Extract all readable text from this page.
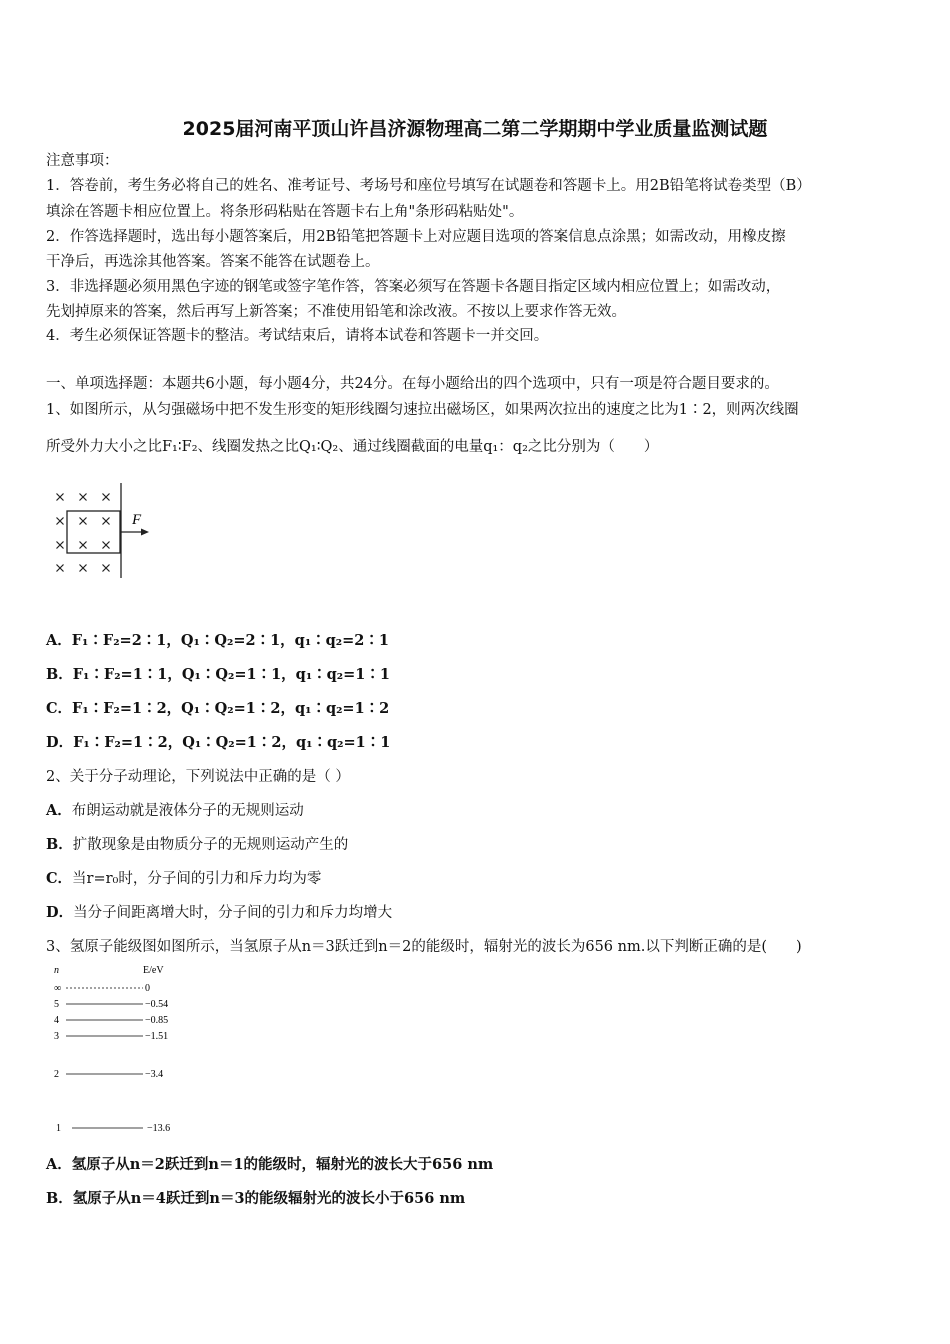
2025届河南平顶山许昌济源物理高二第二学期期中学业质量监测试题
注意事项：
1．答卷前，考生务必将自己的姓名、准考证号、考场号和座位号填写在试题卷和答题卡上。用2B铅笔将试卷类型（B）
填涂在答题卡相应位置上。将条形码粘贴在答题卡右上角"条形码粘贴处"。
2．作答选择题时，选出每小题答案后，用2B铅笔把答题卡上对应题目选项的答案信息点涂黑；如需改动，用橡皮擦
干净后，再选涂其他答案。答案不能答在试题卷上。
3．非选择题必须用黑色字迹的钢笔或签字笔作答，答案必须写在答题卡各题目指定区域内相应位置上；如需改动，
先划掉原来的答案，然后再写上新答案；不准使用铅笔和涂改液。不按以上要求作答无效。
4．考生必须保证答题卡的整洁。考试结束后，请将本试卷和答题卡一并交回。
一、单项选择题：本题共6小题，每小题4分，共24分。在每小题给出的四个选项中，只有一项是符合题目要求的。
1、如图所示，从匀强磁场中把不发生形变的矩形线圈匀速拉出磁场区，如果两次拉出的速度之比为1∶2，则两次线圈
所受外力大小之比F₁∶F₂、线圈发热之比Q₁∶Q₂、通过线圈截面的电量q₁：q₂之比分别为（　　）
F
A．F₁∶F₂=2∶1，Q₁∶Q₂=2∶1，q₁∶q₂=2∶1
B．F₁∶F₂=1∶1，Q₁∶Q₂=1∶1，q₁∶q₂=1∶1
C．F₁∶F₂=1∶2，Q₁∶Q₂=1∶2，q₁∶q₂=1∶2
D．F₁∶F₂=1∶2，Q₁∶Q₂=1∶2，q₁∶q₂=1∶1
2、关于分子动理论，下列说法中正确的是（ ）
A．布朗运动就是液体分子的无规则运动
B．扩散现象是由物质分子的无规则运动产生的
C．当r=r₀时，分子间的引力和斥力均为零
D．当分子间距离增大时，分子间的引力和斥力均增大
3、氢原子能级图如图所示，当氢原子从n＝3跃迁到n＝2的能级时，辐射光的波长为656 nm.以下判断正确的是(　　)
n	E/eV
∞	0
5	−0.54
4	−0.85
3	−1.51
2	−3.4
1	−13.6
A．氢原子从n＝2跃迁到n＝1的能级时，辐射光的波长大于656 nm
B．氢原子从n＝4跃迁到n＝3的能级辐射光的波长小于656 nm
